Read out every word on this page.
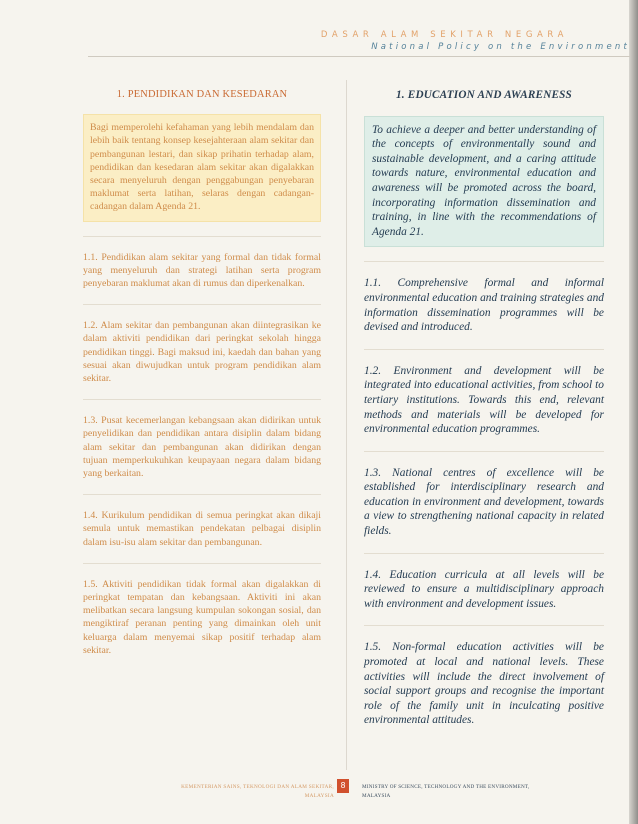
DASAR ALAM SEKITAR NEGARA
National Policy on the Environment
1. PENDIDIKAN DAN KESEDARAN
Bagi memperolehi kefahaman yang lebih mendalam dan lebih baik tentang konsep kesejahteraan alam sekitar dan pembangunan lestari, dan sikap prihatin terhadap alam, pendidikan dan kesedaran alam sekitar akan digalakkan secara menyeluruh dengan penggabungan penyebaran maklumat serta latihan, selaras dengan cadangan-cadangan dalam Agenda 21.

1.1. Pendidikan alam sekitar yang formal dan tidak formal yang menyeluruh dan strategi latihan serta program penyebaran maklumat akan di rumus dan diperkenalkan.

1.2. Alam sekitar dan pembangunan akan diintegrasikan ke dalam aktiviti pendidikan dari peringkat sekolah hingga pendidikan tinggi. Bagi maksud ini, kaedah dan bahan yang sesuai akan diwujudkan untuk program pendidikan alam sekitar.

1.3. Pusat kecemerlangan kebangsaan akan didirikan untuk penyelidikan dan pendidikan antara disiplin dalam bidang alam sekitar dan pembangunan akan didirikan dengan tujuan memperkukuhkan keupayaan negara dalam bidang yang berkaitan.

1.4. Kurikulum pendidikan di semua peringkat akan dikaji semula untuk memastikan pendekatan pelbagai disiplin dalam isu-isu alam sekitar dan pembangunan.

1.5. Aktiviti pendidikan tidak formal akan digalakkan di peringkat tempatan dan kebangsaan. Aktiviti ini akan melibatkan secara langsung kumpulan sokongan sosial, dan mengiktiraf peranan penting yang dimainkan oleh unit keluarga dalam menyemai sikap positif terhadap alam sekitar.

1. EDUCATION AND AWARENESS
To achieve a deeper and better understanding of the concepts of environmentally sound and sustainable development, and a caring attitude towards nature, environmental education and awareness will be promoted across the board, incorporating information dissemination and training, in line with the recommendations of Agenda 21.

1.1. Comprehensive formal and informal environmental education and training strategies and information dissemination programmes will be devised and introduced.

1.2. Environment and development will be integrated into educational activities, from school to tertiary institutions. Towards this end, relevant methods and materials will be developed for environmental education programmes.

1.3. National centres of excellence will be established for interdisciplinary research and education in environment and development, towards a view to strengthening national capacity in related fields.

1.4. Education curricula at all levels will be reviewed to ensure a multidisciplinary approach with environment and development issues.

1.5. Non-formal education activities will be promoted at local and national levels. These activities will include the direct involvement of social support groups and recognise the important role of the family unit in inculcating positive environmental attitudes.

KEMENTERIAN SAINS, TEKNOLOGI DAN ALAM SEKITAR,
MALAYSIA
8	MINISTRY OF SCIENCE, TECHNOLOGY AND THE ENVIRONMENT,
MALAYSIA
